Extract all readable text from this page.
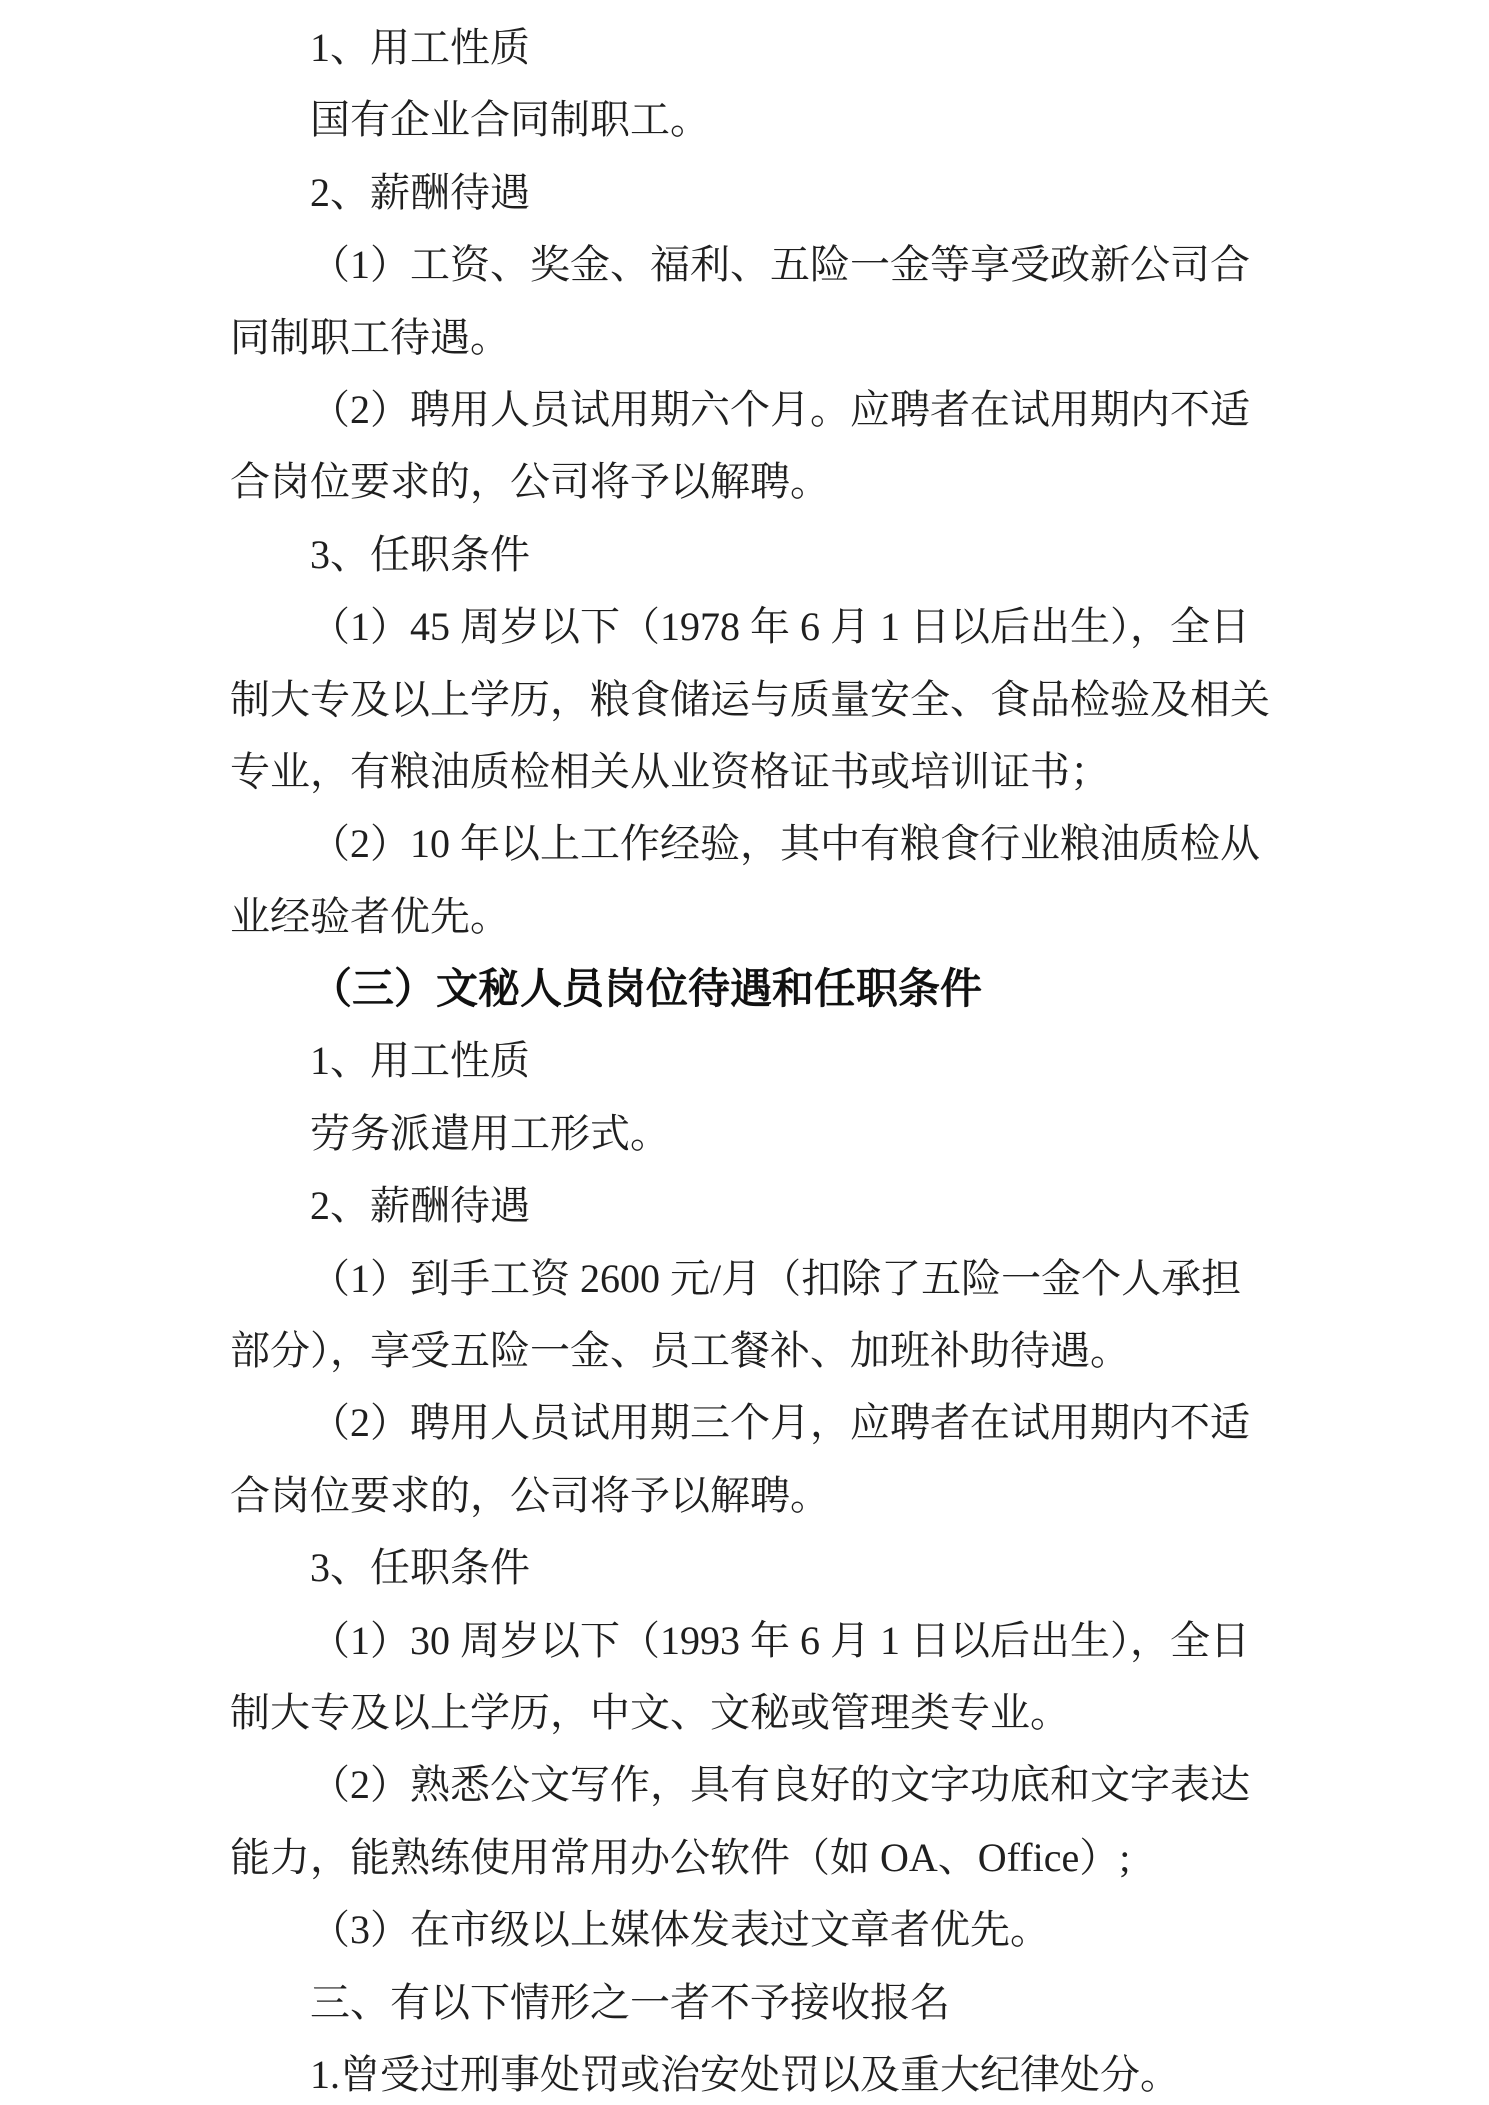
1、用工性质
国有企业合同制职工。
2、薪酬待遇
（1）工资、奖金、福利、五险一金等享受政新公司合
同制职工待遇。
（2）聘用人员试用期六个月。应聘者在试用期内不适
合岗位要求的，公司将予以解聘。
3、任职条件
（1）45 周岁以下（1978 年 6 月 1 日以后出生），全日
制大专及以上学历，粮食储运与质量安全、食品检验及相关
专业，有粮油质检相关从业资格证书或培训证书；
（2）10 年以上工作经验，其中有粮食行业粮油质检从
业经验者优先。
（三）文秘人员岗位待遇和任职条件
1、用工性质
劳务派遣用工形式。
2、薪酬待遇
（1）到手工资 2600 元/月（扣除了五险一金个人承担
部分），享受五险一金、员工餐补、加班补助待遇。
（2）聘用人员试用期三个月，应聘者在试用期内不适
合岗位要求的，公司将予以解聘。
3、任职条件
（1）30 周岁以下（1993 年 6 月 1 日以后出生），全日
制大专及以上学历，中文、文秘或管理类专业。
（2）熟悉公文写作，具有良好的文字功底和文字表达
能力，能熟练使用常用办公软件（如 OA、Office）;
（3）在市级以上媒体发表过文章者优先。
三、有以下情形之一者不予接收报名
1.曾受过刑事处罚或治安处罚以及重大纪律处分。
